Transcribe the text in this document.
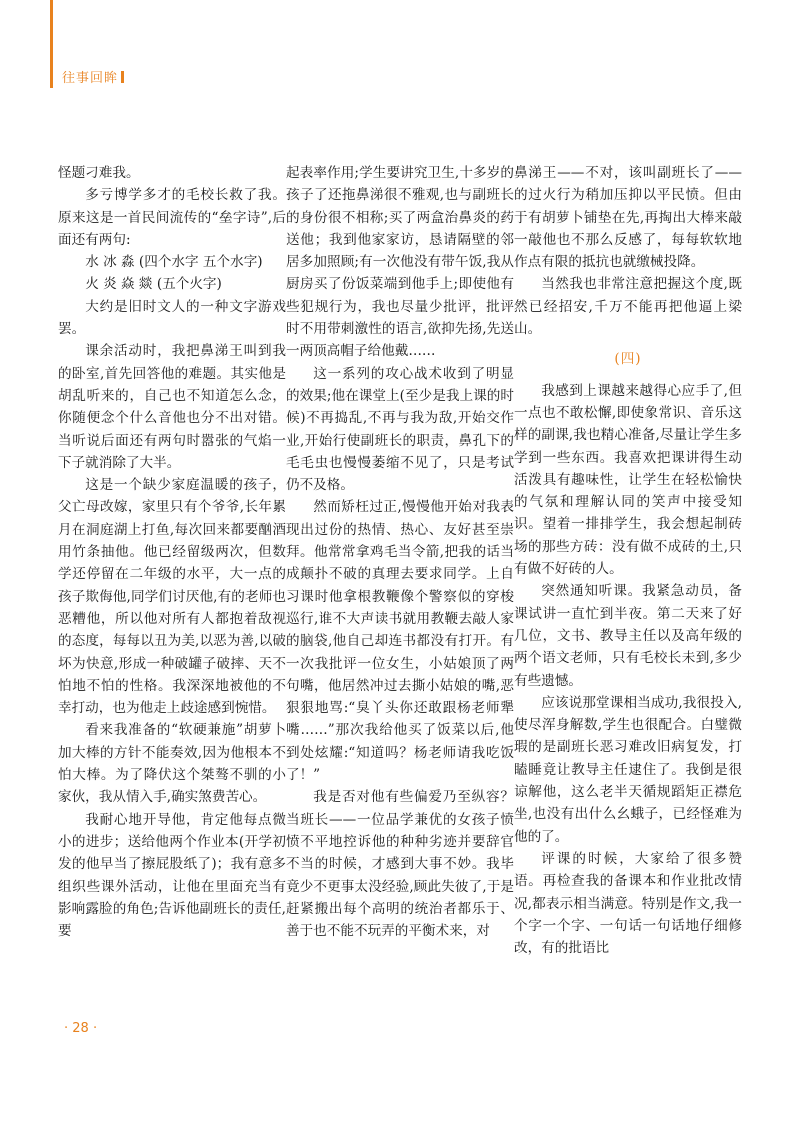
往事回眸

怪题刁难我。

多亏博学多才的毛校长救了我。原来这是一首民间流传的“垒字诗”,后面还有两句:

水 冰 淼 (四个水字 五个水字)

火 炎 焱 燚 (五个火字)

大约是旧时文人的一种文字游戏罢。

课余活动时，我把鼻涕王叫到我的卧室,首先回答他的难题。其实他是胡乱听来的，自己也不知道怎么念，你随便念个什么音他也分不出对错。当听说后面还有两句时嚣张的气焰一下子就消除了大半。

这是一个缺少家庭温暖的孩子，父亡母改嫁，家里只有个爷爷,长年累月在洞庭湖上打鱼,每次回来都要酗酒用竹条抽他。他已经留级两次，但数学还停留在二年级的水平，大一点的孩子欺侮他,同学们讨厌他,有的老师也恶糟他，所以他对所有人都抱着敌视的态度，每每以丑为美,以恶为善,以破坏为快意,形成一种破罐子破摔、天不怕地不怕的性格。我深深地被他的不幸打动，也为他走上歧途感到惋惜。

看来我准备的“软硬兼施”胡萝卜加大棒的方针不能奏效,因为他根本不怕大棒。为了降伏这个桀骜不驯的小家伙，我从情入手,确实煞费苦心。

我耐心地开导他，肯定他每点微小的进步；送给他两个作业本(开学初发的他早当了擦屁股纸了)；我有意多组织些课外活动，让他在里面充当有影响露脸的角色;告诉他副班长的责任,要

起表率作用;学生要讲究卫生,十多岁的孩子了还拖鼻涕很不雅观,也与副班长的身份很不相称;买了两盒治鼻炎的药送他；我到他家家访，恳请隔壁的邻居多加照顾;有一次他没有带午饭,我从厨房买了份饭菜端到他手上;即使他有些犯规行为，我也尽量少批评，批评时不用带刺激性的语言,欲抑先扬,先送一两顶高帽子给他戴……

这一系列的攻心战术收到了明显的效果;他在课堂上(至少是我上课的时候)不再捣乱,不再与我为敌,开始交作业,开始行使副班长的职责，鼻孔下的毛毛虫也慢慢萎缩不见了，只是考试仍不及格。

然而矫枉过正,慢慢他开始对我表现出过份的热情、热心、友好甚至崇拜。他常常拿鸡毛当令箭,把我的话当成颠扑不破的真理去要求同学。上自习课时他拿根教鞭像个警察似的穿梭巡行,谁不大声读书就用教鞭去敲人家的脑袋,他自己却连书都没有打开。有一次我批评一位女生，小姑娘顶了两句嘴，他居然冲过去撕小姑娘的嘴,恶狠狠地骂:“臭丫头你还敢跟杨老师犟嘴……”那次我给他买了饭菜以后,他到处炫耀:“知道吗？杨老师请我吃饭了！”

我是否对他有些偏爱乃至纵容？当班长——一位品学兼优的女孩子愤愤不平地控诉他的种种劣迹并要辞官不当的时候，才感到大事不妙。我毕竟少不更事太没经验,顾此失彼了,于是赶紧搬出每个高明的统治者都乐于、善于也不能不玩弄的平衡术来，对

鼻涕王——不对，该叫副班长了——的过火行为稍加压抑以平民愤。但由于有胡萝卜铺垫在先,再掏出大棒来敲一敲他也不那么反感了，每每软软地作点有限的抵抗也就缴械投降。

当然我也非常注意把握这个度,既然已经招安,千万不能再把他逼上梁山。

(四)

我感到上课越来越得心应手了,但一点也不敢松懈,即使象常识、音乐这样的副课,我也精心准备,尽量让学生多学到一些东西。我喜欢把课讲得生动活泼具有趣味性，让学生在轻松愉快的气氛和理解认同的笑声中接受知识。望着一排排学生，我会想起制砖场的那些方砖：没有做不成砖的土,只有做不好砖的人。

突然通知听课。我紧急动员，备课试讲一直忙到半夜。第二天来了好几位，文书、教导主任以及高年级的两个语文老师，只有毛校长未到,多少有些遗憾。

应该说那堂课相当成功,我很投入,使尽浑身解数,学生也很配合。白璧微瑕的是副班长恶习难改旧病复发，打瞌睡竟让教导主任逮住了。我倒是很谅解他，这么老半天循规蹈矩正襟危坐,也没有出什么幺蛾子，已经怪难为他的了。

评课的时候，大家给了很多赞语。再检查我的备课本和作业批改情况,都表示相当满意。特别是作文,我一个字一个字、一句话一句话地仔细修改，有的批语比

· 28 ·
